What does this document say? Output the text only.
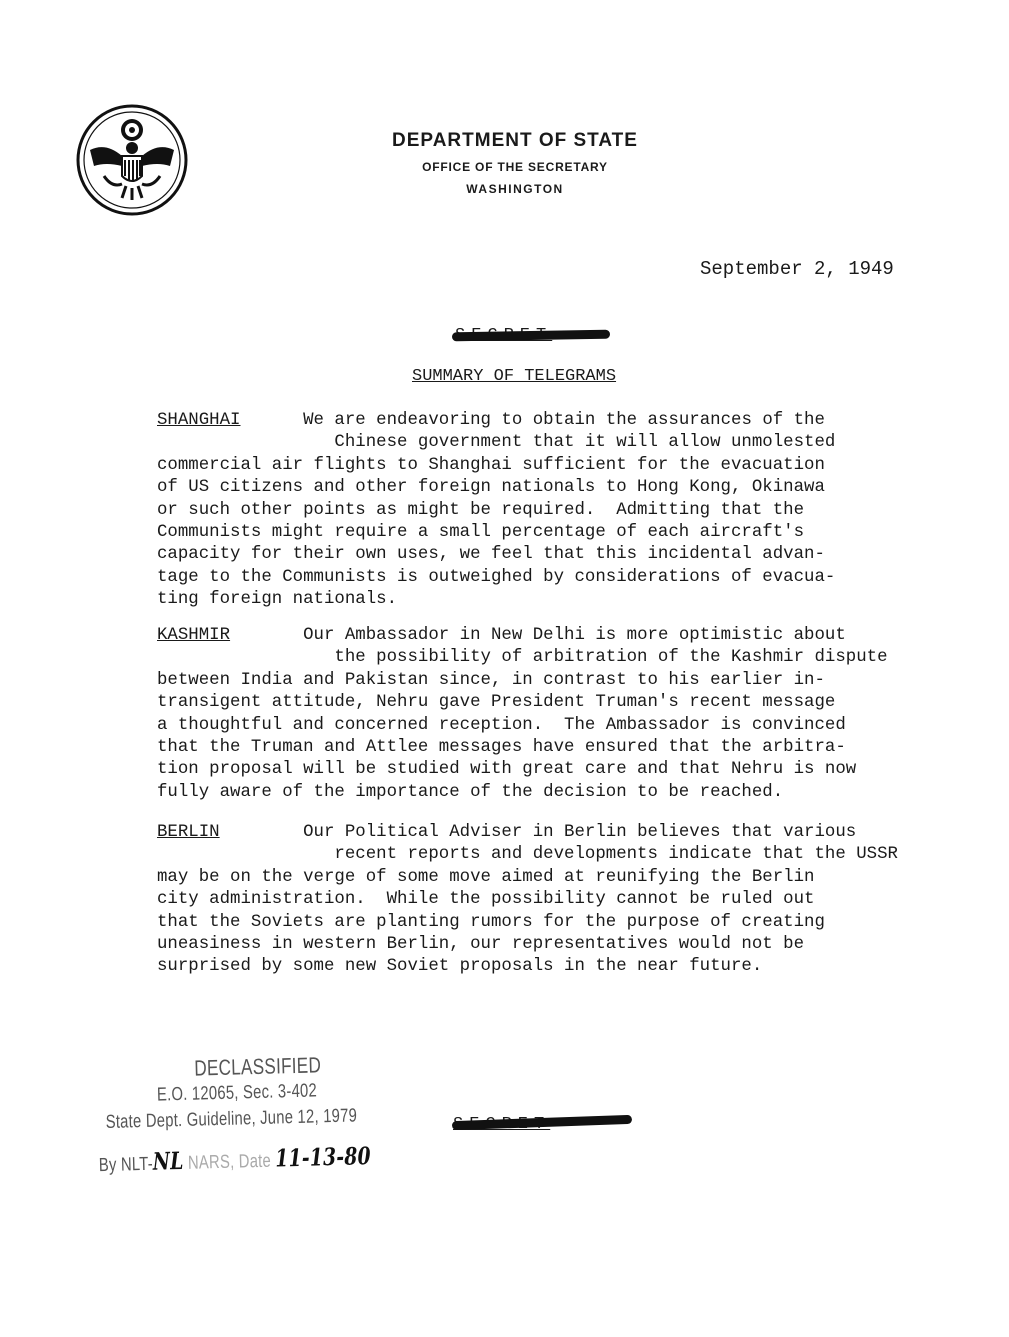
DEPARTMENT OF STATE
OFFICE OF THE SECRETARY
WASHINGTON
September 2, 1949
SUMMARY OF TELEGRAMS
SHANGHAI	We are endeavoring to obtain the assurances of the
Chinese government that it will allow unmolested
commercial air flights to Shanghai sufficient for the evacuation
of US citizens and other foreign nationals to Hong Kong, Okinawa
or such other points as might be required.  Admitting that the
Communists might require a small percentage of each aircraft's
capacity for their own uses, we feel that this incidental advan-
tage to the Communists is outweighed by considerations of evacua-
ting foreign nationals.
KASHMIR	Our Ambassador in New Delhi is more optimistic about
the possibility of arbitration of the Kashmir dispute
between India and Pakistan since, in contrast to his earlier in-
transigent attitude, Nehru gave President Truman's recent message
a thoughtful and concerned reception.  The Ambassador is convinced
that the Truman and Attlee messages have ensured that the arbitra-
tion proposal will be studied with great care and that Nehru is now
fully aware of the importance of the decision to be reached.
BERLIN	Our Political Adviser in Berlin believes that various
recent reports and developments indicate that the USSR
may be on the verge of some move aimed at reunifying the Berlin
city administration.  While the possibility cannot be ruled out
that the Soviets are planting rumors for the purpose of creating
uneasiness in western Berlin, our representatives would not be
surprised by some new Soviet proposals in the near future.
DECLASSIFIED
E.O. 12065, Sec. 3-402
State Dept. Guideline, June 12, 1979
By NLT-NL NARS, Date 11-13-80
